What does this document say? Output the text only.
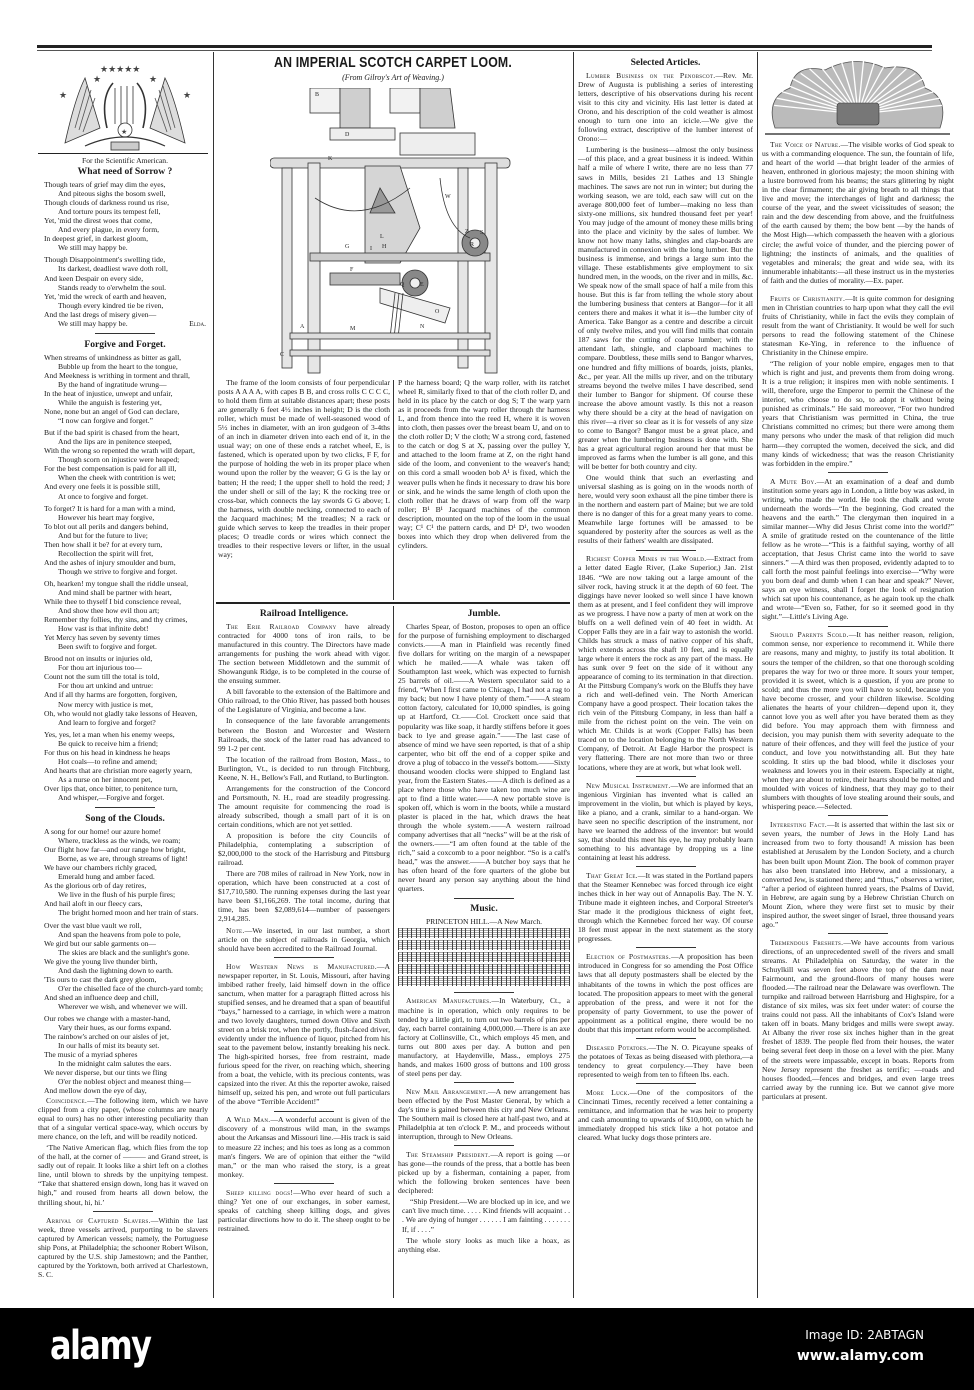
★★★★★
★	★
★	★
★
For the Scientific American.
What need of Sorrow ?
Though tears of grief may dim the eyes,
And piteous sighs the bosom swell,
Though clouds of darkness round us rise,
And torture pours its tempest fell,
Yet, 'mid the direst woes that come,
And every plague, in every form,
In deepest grief, in darkest gloom,
We still may happy be.
Though Disappointment's swelling tide,
Its darkest, deadliest wave doth roll,
And keen Despair on every side,
Stands ready to o'erwhelm the soul.
Yet, 'mid the wreck of earth and heaven,
Though every kindred tie be riven,
And the last dregs of misery given—
We still may happy be.	Elda.
Forgive and Forget.
When streams of unkindness as bitter as gall,
Bubble up from the heart to the tongue,
And Meekness is writhing in torment and thrall,
By the hand of ingratitude wrung—
In the heat of injustice, unwept and unfair,
While the anguish is festering yet,
None, none but an angel of God can declare,
“I now can forgive and forget.”
But if the bad spirit is chased from the heart,
And the lips are in penitence steeped,
With the wrong so repented the wrath will depart,
Though scorn on injustice were heaped;
For the best compensation is paid for all ill,
When the cheek with contrition is wet;
And every one feels it is possible still,
At once to forgive and forget.
To forget? It is hard for a man with a mind,
However his heart may forgive,
To blot out all perils and dangers behind,
And but for the future to live;
Then how shall it be? for at every turn,
Recollection the spirit will fret,
And the ashes of injury smoulder and burn,
Though we strive to forgive and forget.
Oh, hearken! my tongue shall the riddle unseal,
And mind shall be partner with heart,
While thee to thyself I bid conscience reveal,
And show thee how evil thou art;
Remember thy follies, thy sins, and thy crimes,
How vast is that infinite debt!
Yet Mercy has seven by seventy times
Been swift to forgive and forget.
Brood not on insults or injuries old,
For thou art injurious too—
Count not the sum till the total is told,
For thou art unkind and untrue:
And if all thy harms are forgotten, forgiven,
Now mercy with justice is met,
Oh, who would not gladly take lessons of Heaven,
And learn to forgive and forget?
Yes, yes, let a man when his enemy weeps,
Be quick to receive him a friend;
For thus on his head in kindness he heaps
Hot coals—to refine and amend;
And hearts that are christian more eagerly yearn,
As a nurse on her innocent pet,
Over lips that, once bitter, to penitence turn,
And whisper,—Forgive and forget.
Song of the Clouds.
A song for our home! our azure home!
Where, trackless as the winds, we roam;
Our flight how far—and our range how bright,
Borne, as we are, through streams of light!
We have our chambers richly graced,
Emerald hung and amber faced.
As the glorious orb of day retires,
We live in the flush of his purple fires;
And hail aloft in our fleecy cars,
The bright horned moon and her train of stars.
Over the vast blue vault we roll,
And span the heavens from pole to pole,
We gird but our sable garments on—
The skies are black and the sunlight's gone.
We give the young live thunder birth,
And dash the lightning down to earth.
'Tis ours to cast the dark grey gloom,
O'er the chiselled face of the church-yard tomb;
And shed an influence deep and chill,
Wherever we wish, and whenever we will.
Our robes we change with a master-hand,
Vary their hues, as our forms expand.
The rainbow's arched on our aisles of jet,
In our halls of mist its beauty set.
The music of a myriad spheres
In the midnight calm salutes the ears.
We never disperse, but our tints we fling
O'er the noblest object and meanest thing—
And mellow down the eye of day,

Coincidence.—The following item, which we have clipped from a city paper, (whose columns are nearly equal to ours) has no other interesting peculiarity than that of a singular vertical space-way, which occurs by mere chance, on the left, and will be readily noticed.

‘The Native American flag, which flies from the top of the hall, at the corner of ——— and Grand street, is sadly out of repair. It looks like a shirt left on a clothes line, until blown to shreds by the unpitying tempest. “Take that shattered ensign down, long has it waved on high,” and roused from hearts all down below, the thrilling shout, hi, hi.’

Arrival of Captured Slavers.—Within the last week, three vessels arrived, purporting to be slavers captured by American vessels; namely, the Portuguese ship Pons, at Philadelphia; the schooner Robert Wilson, captured by the U.S. ship Jamestown; and the Panther, captured by the Yorktown, both arrived at Charlestown, S. C.

AN IMPERIAL SCOTCH CARPET LOOM.
(From Gilroy's Art of Weaving.)
A
B
C
D
E
F
G	H
I
K
L
M	N
O
Q
R
S
W
Z

The frame of the loom consists of four perpendicular posts A A A A, with capes B B, and cross rolls C C C C, to hold them firm at suitable distances apart; these posts are generally 6 feet 4½ inches in height; D is the cloth roller, which must be made of well-seasoned wood of 5½ inches in diameter, with an iron gudgeon of 3-4ths of an inch in diameter driven into each end of it, in the usual way; on one of these ends a ratchet wheel, E, is fastened, which is operated upon by two clicks, F F, for the purpose of holding the web in its proper place when wound upon the roller by the weaver; G G is the lay or batten; H the reed; I the upper shell to hold the reed; J the under shell or sill of the lay; K the rocking tree or cross-bar, which connects the lay swords G G above; L the harness, with double necking, connected to each of the Jacquard machines; M the treadles; N a rack or guide which serves to keep the treadles in their proper places; O treadle cords or wires which connect the treadles to their respective levers or lifter, in the usual way;

P the harness board; Q the warp roller, with its ratchet wheel R, similarly fixed to that of the cloth roller D, and held in its place by the catch or dog S; T the warp yarn as it proceeds from the warp roller through thr harness L, and from thence into the reed H, where it is woven into cloth, then passes over the breast beam U, and on to the cloth roller D; V the cloth; W a strong cord, fastened to the catch or dog S at X, passing over the pulley Y, and attached to the loom frame at Z, on the right hand side of the loom, and convenient to the weaver's hand; on this cord a small wooden bob A¹ is fixed, which the weaver pulls when he finds it necessary to draw his bore or sink, and he winds the same length of cloth upon the cloth roller that he draws of warp from off the warp roller; B¹ B¹ Jacquard machines of the common description, mounted on the top of the loom in the usual way; C¹ C¹ the pattern cards, and D¹ D¹, two wooden boxes into which they drop when delivered from the cylinders.

Railroad Intelligence.

The Erie Railroad Company have already contracted for 4000 tons of iron rails, to be manufactured in this country. The Directors have made arrangements for pushing the work ahead with vigor. The section between Middletown and the summit of Showangunk Ridge, is to be completed in the course of the ensuing summer.

A bill favorable to the extension of the Baltimore and Ohio railroad, to the Ohio River, has passed both houses of the Legislature of Virginia, and become a law.

In consequence of the late favorable arrangements between the Boston and Worcester and Western Railroads, the stock of the latter road has advanced to 99 1-2 per cent.

The location of the railroad from Boston, Mass., to Burlington, Vt., is decided to run through Fitchburg, Keene, N. H., Bellow's Fall, and Rutland, to Burlington.

Arrangements for the construction of the Concord and Portsmouth, N. H., road are steadily progressing. The amount requisite for commencing the road is already subscribed, though a small part of it is on certain conditions, which are not yet settled.

A proposition is before the city Councils of Philadelphia, contemplating a subscription of $2,000,000 to the stock of the Harrisburg and Pittsburg railroad.

There are 708 miles of railroad in New York, now in operation, which have been constructed at a cost of $17,710,580. The running expenses during the last year have been $1,166,269. The total income, during that time, has been $2,089,614—number of passengers 2,914,285.

Note.—We inserted, in our last number, a short article on the subject of railroads in Georgia, which should have been accredited to the Railroad Journal.

How Western News is Manufactured.—A newspaper reporter, in St. Louis, Missouri, after having imbibed rather freely, laid himself down in the office sanctum, when matter for a paragraph flitted across his stupified senses, and he dreamed that a span of beautiful “bays,” harnessed to a carriage, in which were a matron and two lovely daughters, turned down Olive and Sixth street on a brisk trot, when the portly, flush-faced driver, evidently under the influence of liquor, pitched from his seat to the pavement below, instantly breaking his neck. The high-spirited horses, free from restraint, made furious speed for the river, on reaching which, sheering from a boat, the vehicle, with its precious contents, was capsized into the river. At this the reporter awoke, raised himself up, seized his pen, and wrote out full particulars of the above “Terrible Accident!”

A Wild Man.—A wonderful account is given of the discovery of a monstrous wild man, in the swamps about the Arkansas and Missouri line.—His track is said to measure 22 inches; and his toes as long as a common man's fingers. We are of opinion that either the “wild man,” or the man who raised the story, is a great monkey.

Sheep killing dogs!—Who ever heard of such a thing? Yet one of our exchanges, in sober earnest, speaks of catching sheep killing dogs, and gives particular directions how to do it. The sheep ought to be restrained.

Jumble.

Charles Spear, of Boston, proposes to open an office for the purpose of furnishing employment to discharged convicts.——A man in Plainfield was recently fined five dollars for writing on the margin of a newspaper which he mailed.——A whale was taken off Southampton last week, which was expected to furnish 25 barrels of oil.——A Western speculator said to a friend, “When I first came to Chicago, I had not a rag to my back; but now I have plenty of them.”——A steam cotton factory, calculated for 10,000 spindles, is going up at Hartford, Ct.——Col. Crockett once said that popularity was like soap, it hardly stiffens before it goes back to lye and grease again.”——The last case of absence of mind we have seen reported, is that of a ship carpenter, who bit off the end of a copper spike and drove a plug of tobacco in the vessel's bottom.——Sixty thousand wooden clocks were shipped to England last year, from the Eastern States.——A ditch is defined as a place where those who have taken too much wine are apt to find a little water.——A new portable stove is spoken off, which is worn in the boots, while a mustard plaster is placed in the hat, which draws the heat through the whole system.——A western railroad company advertises that all “necks” will be at the risk of the owners.——“I am often found at the table of the rich,” said a coxcomb to a poor neighbor. “So is a calf's head,” was the answer.——A butcher boy says that he has often heard of the fore quarters of the globe but never heard any person say anything about the hind quarters.

Music.
PRINCETON HILL.—A New March.

American Manufactures.—In Waterbury, Ct., a machine is in operation, which only requires to be tended by a little girl, to turn out two barrels of pins per day, each barrel containing 4,000,000.—There is an axe factory at Collinsville, Ct., which employs 45 men, and turns out 800 axes per day. A button and pen manufactory, at Haydenville, Mass., employs 275 hands, and makes 1600 gross of buttons and 100 gross of steel pens per day.

New Mail Arrangement.—A new arrangement has been effected by the Post Master General, by which a day's time is gained between this city and New Orleans. The Southern mail is closed here at half-past two, and at Philadelphia at ten o'clock P. M., and proceeds without interruption, through to New Orleans.

The Steamship President.—A report is going —or has gone—the rounds of the press, that a bottle has been picked up by a fisherman, containing a paper, from which the following broken sentences have been deciphered:

“Ship President.—We are blocked up in ice, and we can't live much time. . . . . Kind friends will acquaint . . . We are dying of hunger . . . . . . I am fainting . . . . . . . If, if . . . .”

The whole story looks as much like a hoax, as anything else.

Selected Articles.

Lumber Business on the Penobscot.—Rev. Mr. Drew of Augusta is publishing a series of interesting letters, descriptive of his observations during his recent visit to this city and vicinity. His last letter is dated at Orono, and his description of the cold weather is almost enough to turn one into an icicle.—We give the following extract, descriptive of the lumber interest of Orono:—

Lumbering is the business—almost the only business—of this place, and a great business it is indeed. Within half a mile of where I write, there are no less than 77 saws in Mills, besides 21 Lathes and 13 Shingle machines. The saws are not run in winter; but during the working season, we are told, each saw will cut on the average 800,000 feet of lumber—making no less than sixty-one millions, six hundred thousand feet per year! You may judge of the amount of money these mills bring into the place and vicinity by the sales of lumber. We know not how many laths, shingles and clap-boards are manufactured in connexion with the long lumber. But the business is immense, and brings a large sum into the village. These establishments give employment to six hundred men, in the woods, on the river and in mills, &c. We speak now of the small space of half a mile from this house. But this is far from telling the whole story about the lumbering business that centers at Bangor—for it all centers there and makes it what it is—the lumber city of America. Take Bangor as a centre and describe a circuit of only twelve miles, and you will find mills that contain 187 saws for the cutting of coarse lumber; with the attendant lath, shingle, and clapboard machines to compare. Doubtless, these mills send to Bangor wharves, one hundred and fifty millions of boards, joists, planks, &c., per year. All the mills up river, and on the tributary streams beyond the twelve miles I have described, send their lumber to Bangor for shipment. Of course these increase the above amount vastly. Is this not a reason why there should be a city at the head of navigation on this river—a river so clear as it is for vessels of any size to come to Bangor? Bangor must be a great place, and greater when the lumbering business is done with. She has a great agricultural region around her that must be improved as farms when the lumber is all gone, and this will be better for both country and city.

One would think that such an everlasting and universal slashing as is going on in the woods north of here, would very soon exhaust all the pine timber there is in the northern and eastern part of Maine; but we are told there is no danger of this for a great many years to come. Meanwhile large fortunes will be amassed to be squandered by posterity after the sources as well as the results of their fathers' wealth are dissipated.

Richest Copper Mines in the World.—Extract from a letter dated Eagle River, (Lake Superior,) Jan. 21st 1846. “We are now taking out a large amount of the silver rock, having struck it at the depth of 60 feet. The diggings have never looked so well since I have known them as at present, and I feel confident they will improve as we progress. I have now a party of men at work on the bluffs on a well defined vein of 40 feet in width. At Copper Falls they are in a fair way to astonish the world. Childs has struck a mass of native copper of his shaft, which extends across the shaft 10 feet, and is equally large where it enters the rock as any part of the mass. He has sunk over 9 feet on the side of it without any appearance of coming to its termination in that direction. At the Pittsburg Company's work on the Bluffs they have a rich and well-defined vein. The North American Company have a good prospect. Their location takes the rich vein of the Pittsburg Company, in less than half a mile from the richest point on the vein. The vein on which Mr. Childs is at work (Copper Falls) has been traced on to the location belonging to the North Western Company, of Detroit. At Eagle Harbor the prospect is very flattering. There are not more than two or three locations, where they are at work, but what look well.

New Musical Instrument.—We are informed that an ingenious Virginian has invented what is called an improvement in the violin, but which is played by keys, like a piano, and a crank, similar to a hand-organ. We have seen no specific description of the instrument, nor have we learned the address of the inventor: but would say, that should this meet his eye, he may probably learn something to his advantage by dropping us a line containing at least his address.

That Great Ice.—It was stated in the Portland papers that the Steamer Kennebec was forced through ice eight inches thick in her way out of Annapolis Bay. The N. Y. Tribune made it eighteen inches, and Corporal Streeter's Star made it the prodigious thickness of eight feet, through which the Kennebec forced her way. Of course 18 feet must appear in the next statement as the story progresses.

Election of Postmasters.—A proposition has been introduced in Congress for so amending the Post Office laws that all deputy postmasters shall be elected by the inhabitants of the towns in which the post offices are located. The proposition appears to meet with the general approbation of the press, and were it not for the propensity of party Government, to use the power of appointment as a political engine, there would be no doubt that this important reform would be accomplished.

Diseased Potatoes.—The N. O. Picayune speaks of the potatoes of Texas as being diseased with plethora,—a tendency to great corpulency.—They have been represented to weigh from ten to fifteen lbs. each.

More Luck.—One of the compositors of the Cincinnati Times, recently received a letter containing a remittance, and information that he was heir to property and cash amounting to upwards of $10,000, on which he immediately dropped his stick like a hot potatoe and cleared. What lucky dogs those printers are.

The Voice of Nature.—The visible works of God speak to us with a commanding eloquence. The sun, the fountain of life, and heart of the world —that bright leader of the armies of heaven, enthroned in glorious majesty; the moon shining with a lustre borrowed from his beams; the stars glittering by night in the clear firmament; the air giving breath to all things that live and move; the interchanges of light and darkness; the course of the year, and the sweet vicissitudes of season; the rain and the dew descending from above, and the fruitfulness of the earth caused by them; the bow bent —by the hands of the Most High—which compasseth the heaven with a glorious circle; the awful voice of thunder, and the piercing power of lightning; the instincts of animals, and the qualities of vegetables and minerals; the great and wide sea, with its innumerable inhabitants:—all these instruct us in the mysteries of faith and the duties of morality.—Ex. paper.

Fruits of Christianity.—It is quite common for designing men in Christian countries to harp upon what they call the evil fruits of Christianity, while in fact the evils they complain of result from the want of Christianity. It would be well for such persons to read the following statement of the Chinese statesman Ke-Ying, in reference to the influence of Christianity in the Chinese empire.

“The religion of your noble empire, engages men to that which is right and just, and prevents them from doing wrong. It is a true religion; it inspires men with noble sentiments. I will, therefore, urge the Emperor to permit the Chinese of the interior, who choose to do so, to adopt it without being punished as criminals.” He said moreover, “For two hundred years that Christianism was permitted in China, the true Christians committed no crimes; but there were among them many persons who under the mask of that religion did much harm—they corrupted the women, deceived the sick, and did many kinds of wickedness; that was the reason Christianity was forbidden in the empire.”

A Mute Boy.—At an examination of a deaf and dumb institution some years ago in London, a little boy was asked, in writing, who made the world. He took the chalk and wrote underneath the words—“In the beginning, God created the heavens and the earth.” The clergyman then inquired in a similar manner—Why did Jesus Christ come into the world?” A smile of gratitude rested on the countenance of the little fellow as he wrote—“This is a faithful saying, worthy of all acceptation, that Jesus Christ came into the world to save sinners.” —A third was then proposed, evidently adapted to to call forth the most painful feelings into exercise—“Why were you born deaf and dumb when I can hear and speak?” Never, says an eye witness, shall I forget the look of resignation which sat upon his countenance, as he again took up the chalk and wrote—“Even so, Father, for so it seemed good in thy sight.”—Little's Living Age.

Should Parents Scold.—It has neither reason, religion, common sense, nor experience to recommend it. While there are reasons, many and mighty, to justify its total abolition. It sours the temper of the children, so that one thorough scolding prepares the way for two or three more. It sours your temper, provided it is sweet, which is a question, if you are prone to scold; and thus the more you will have to scold, because you have become crosser, and your children likewise. Scolding alienates the hearts of your children—depend upon it, they cannot love you as well after you have berated them as they did before. You may approach them with firmness and decision, you may punish them with severity adequate to the nature of their offences, and they will feel the justice of your conduct, and love you notwithstanding all. But they hate scolding. It stirs up the bad blood, while it discloses your weakness and lowers you in their esteem. Especially at night, when they are about to retire, their hearts should be melted and moulded with voices of kindness, that they may go to their slumbers with thoughts of love stealing around their souls, and whispering peace.—Selected.

Interesting Fact.—It is asserted that within the last six or seven years, the number of Jews in the Holy Land has increased from two to forty thousand! A mission has been established at Jerusalem by the London Society, and a church has been built upon Mount Zion. The book of common prayer has also been translated into Hebrew, and a missionary, a converted Jew, is stationed there; and “thus,” observes a writer, “after a period of eighteen hunred years, the Psalms of David, in Hebrew, are again sung by a Hebrew Christian Church on Mount Zion, where they were first set to music by their inspired author, the sweet singer of Israel, three thousand years ago.”

Tremendous Freshets.—We have accounts from various directions, of an unprecedented swell of the rivers and small streams. At Philadelphia on Saturday, the water in the Schuylkill was seven feet above the top of the dam near Fairmount, and the ground-floors of many houses were flooded.—The railroad near the Delaware was overflown. The turnpike and railroad between Harrisburg and Highspire, for a distance of six miles, was six feet under water: of course the trains could not pass. All the inhabitants of Cox's Island were taken off in boats. Many bridges and mills were swept away. At Albany the river rose six inches higher than in the great freshet of 1839. The people fled from their houses, the water being several feet deep in those on a level with the pier. Many of the streets were impassable, except in boats. Reports from New Jersey represent the freshet as terrific; —roads and houses flooded,—fences and bridges, and even large trees carried away by the running ice. But we cannot give more particulars at present.

alamy	Image ID: 2ABTAGN
www.alamy.com
